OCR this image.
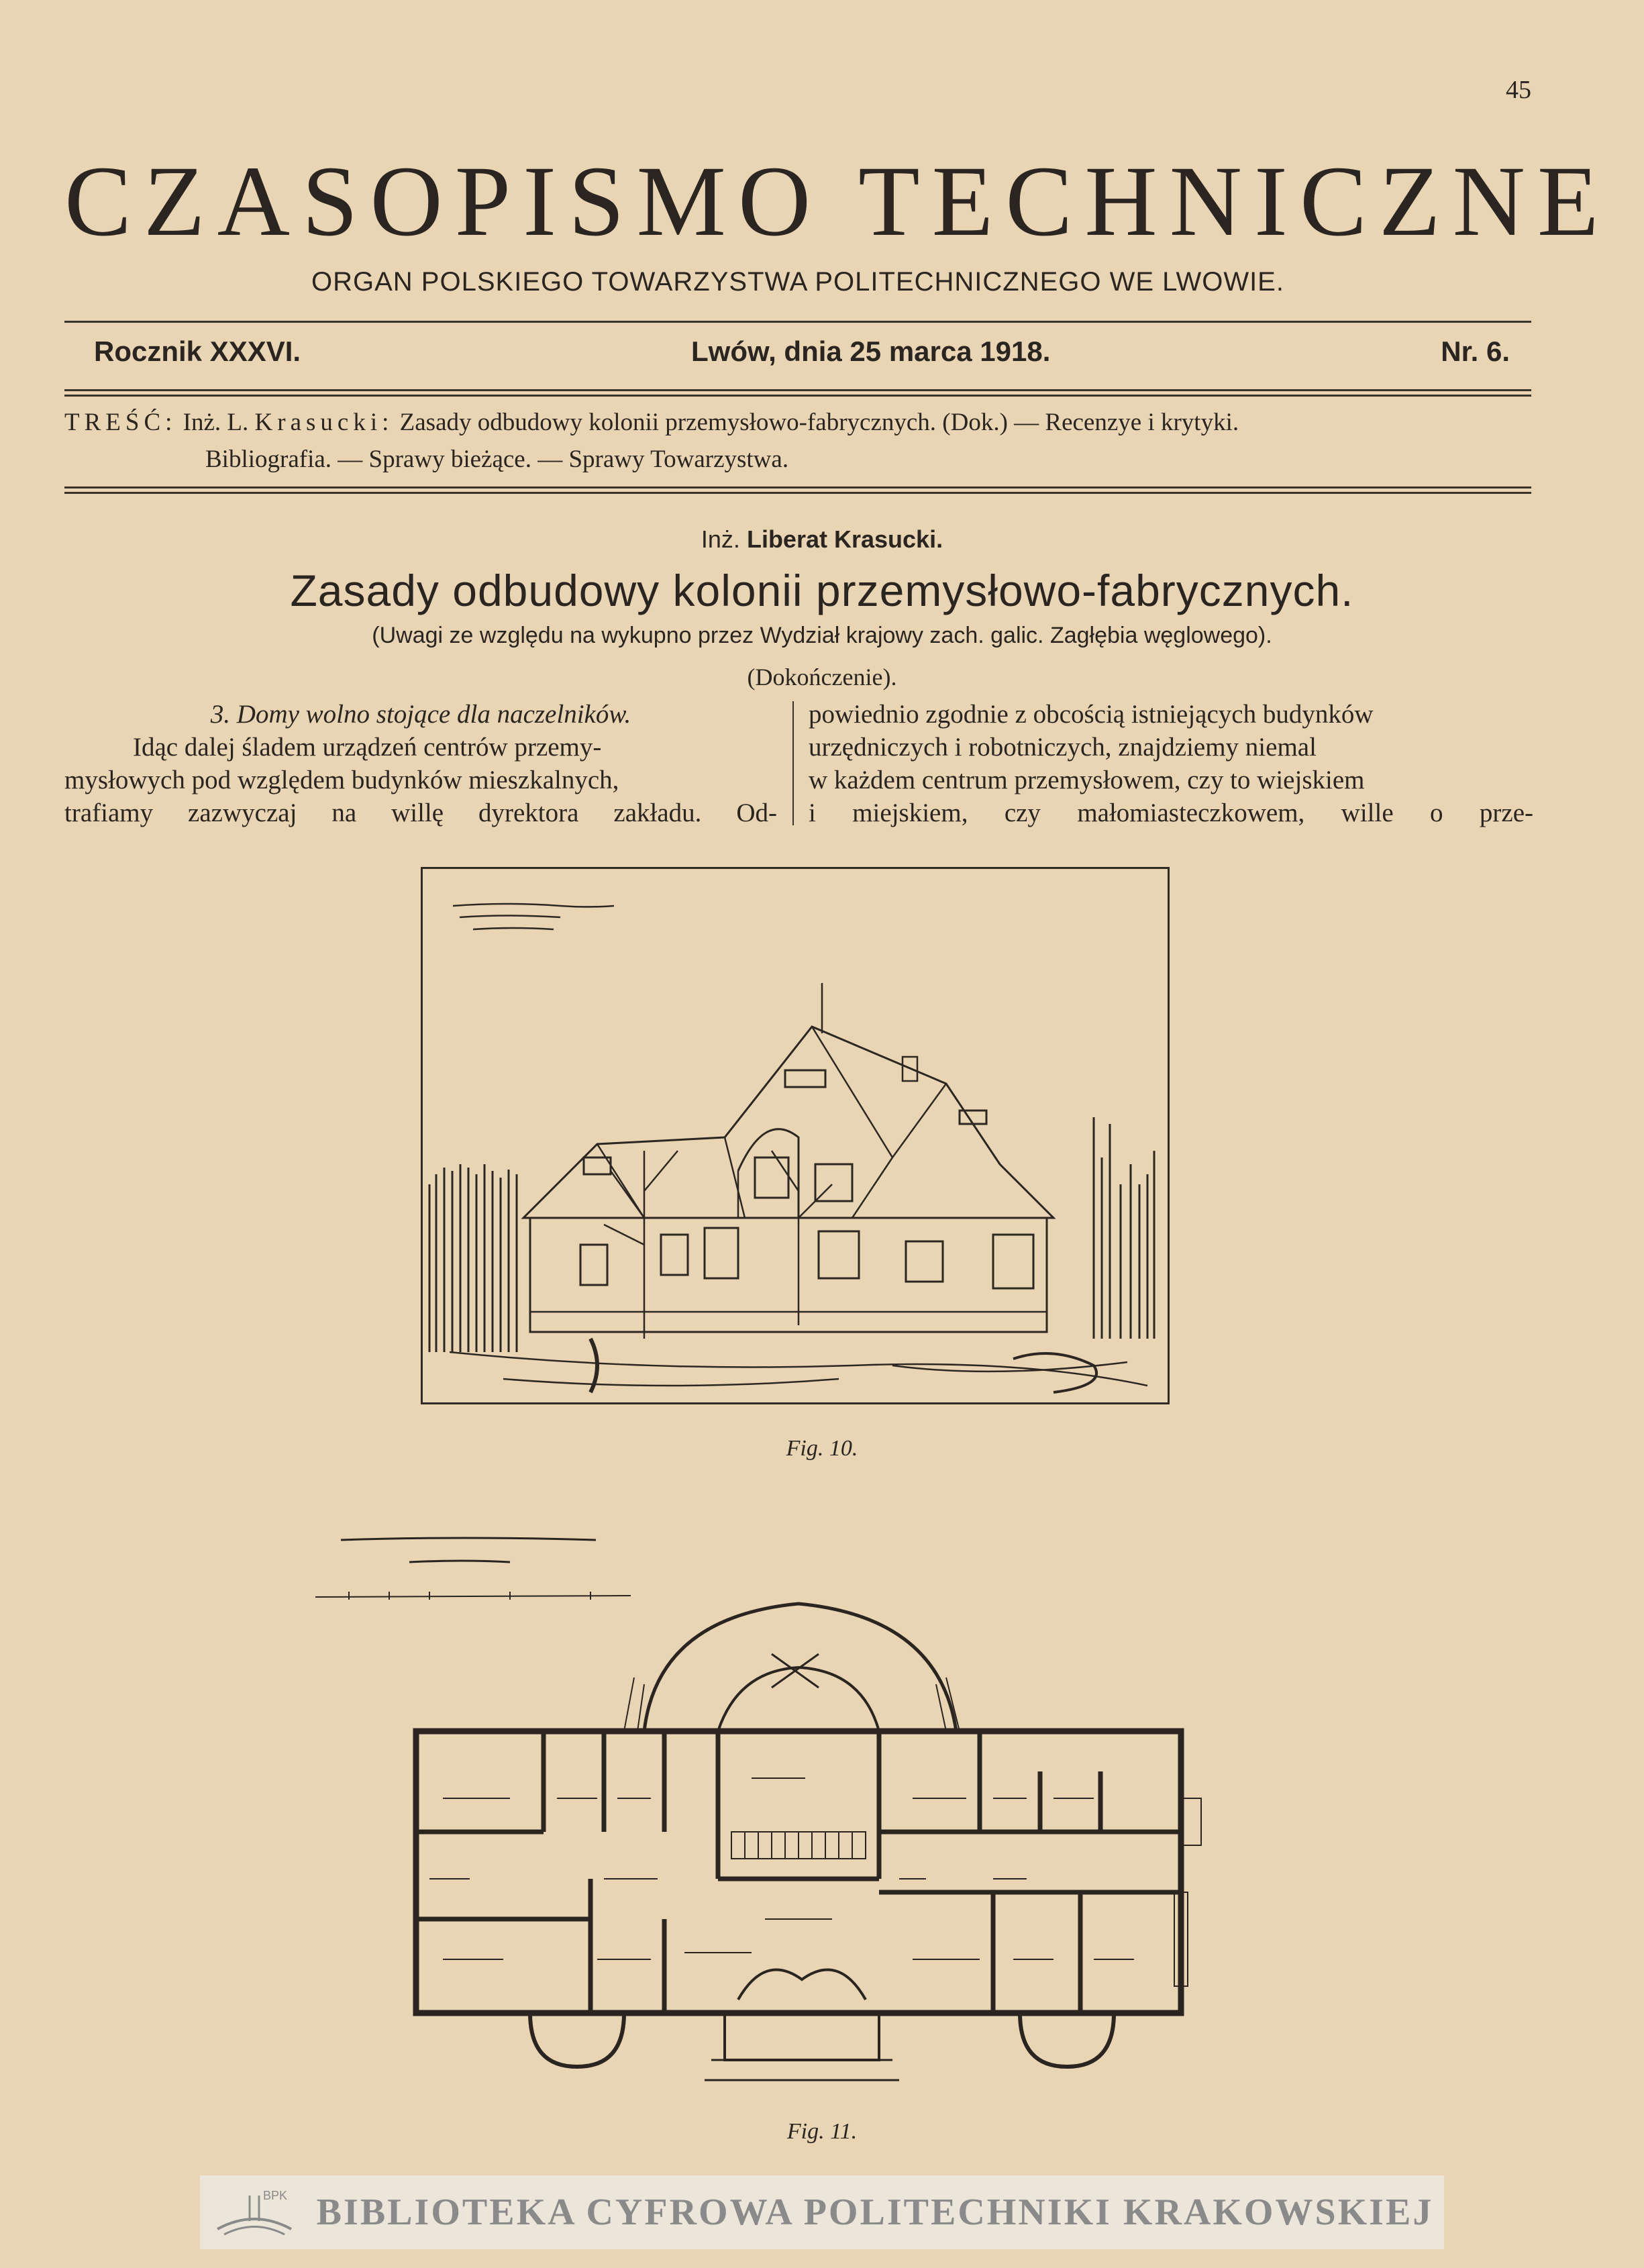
45
CZASOPISMO TECHNICZNE
ORGAN POLSKIEGO TOWARZYSTWA POLITECHNICZNEGO WE LWOWIE.
Rocznik XXXVI.	Lwów, dnia 25 marca 1918.	Nr. 6.
TREŚĆ: Inż. L. Krasucki: Zasady odbudowy kolonii przemysłowo-fabrycznych. (Dok.) — Recenzye i krytyki.
Bibliografia. — Sprawy bieżące. — Sprawy Towarzystwa.
Inż. Liberat Krasucki.
Zasady odbudowy kolonii przemysłowo-fabrycznych.
(Uwagi ze względu na wykupno przez Wydział krajowy zach. galic. Zagłębia węglowego).
(Dokończenie).
3. Domy wolno stojące dla naczelników.
Idąc dalej śladem urządzeń centrów przemy-
mysłowych pod względem budynków mieszkalnych,
trafiamy zazwyczaj na willę dyrektora zakładu. Od-
powiednio zgodnie z obcością istniejących budynków
urzędniczych i robotniczych, znajdziemy niemal
w każdem centrum przemysłowem, czy to wiejskiem
i miejskiem, czy małomiasteczkowem, wille o prze-
Fig. 10.
Fig. 11.
BPK BIBLIOTEKA CYFROWA POLITECHNIKI KRAKOWSKIEJ
